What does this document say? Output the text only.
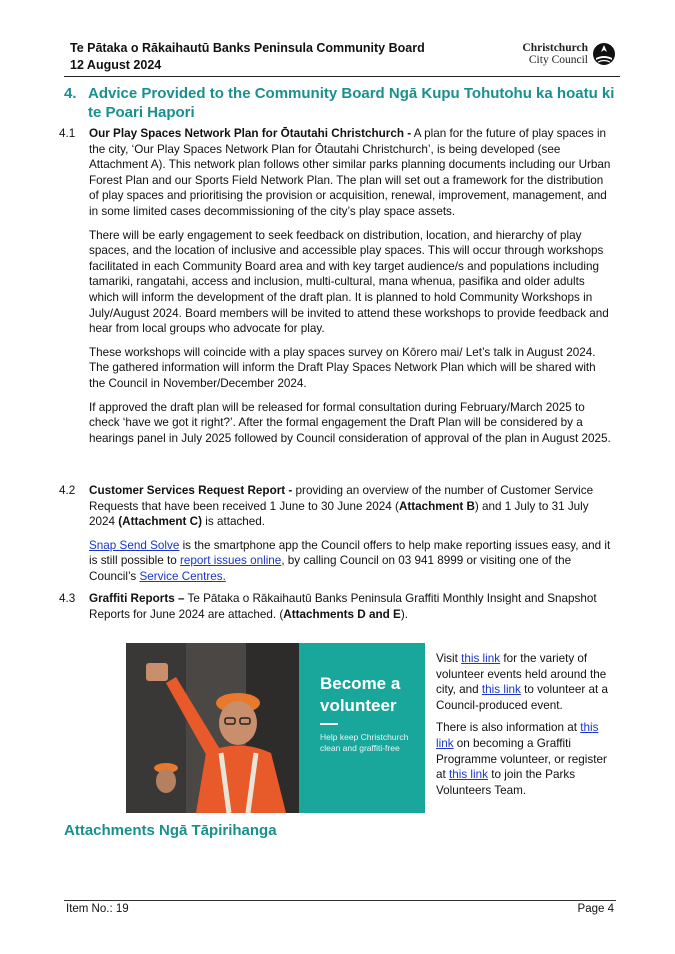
Te Pātaka o Rākaihautū Banks Peninsula Community Board
12 August 2024
Christchurch
City Council
4. Advice Provided to the Community Board Ngā Kupu Tohutohu ka hoatu ki te Poari Hapori
4.1 Our Play Spaces Network Plan for Ōtautahi Christchurch - A plan for the future of play spaces in the city, ‘Our Play Spaces Network Plan for Ōtautahi Christchurch’, is being developed (see Attachment A). This network plan follows other similar parks planning documents including our Urban Forest Plan and our Sports Field Network Plan. The plan will set out a framework for the distribution of play spaces and prioritising the provision or acquisition, renewal, improvement, management, and in some limited cases decommissioning of the city’s play space assets.

There will be early engagement to seek feedback on distribution, location, and hierarchy of play spaces, and the location of inclusive and accessible play spaces. This will occur through workshops facilitated in each Community Board area and with key target audience/s and populations including tamariki, rangatahi, access and inclusion, multi-cultural, mana whenua, pasifika and older adults which will inform the development of the draft plan. It is planned to hold Community Workshops in July/August 2024. Board members will be invited to attend these workshops to provide feedback and hear from local groups who advocate for play.

These workshops will coincide with a play spaces survey on Kōrero mai/ Let’s talk in August 2024. The gathered information will inform the Draft Play Spaces Network Plan which will be shared with the Council in November/December 2024.

If approved the draft plan will be released for formal consultation during February/March 2025 to check ‘have we got it right?’. After the formal engagement the Draft Plan will be considered by a hearings panel in July 2025 followed by Council consideration of approval of the plan in August 2025.

4.2 Customer Services Request Report - providing an overview of the number of Customer Service Requests that have been received 1 June to 30 June 2024 (Attachment B) and 1 July to 31 July 2024 (Attachment C) is attached.

Snap Send Solve is the smartphone app the Council offers to help make reporting issues easy, and it is still possible to report issues online, by calling Council on 03 941 8999 or visiting one of the Council’s Service Centres.

4.3 Graffiti Reports – Te Pātaka o Rākaihautū Banks Peninsula Graffiti Monthly Insight and Snapshot Reports for June 2024 are attached. (Attachments D and E).

Become a
volunteer
Help keep Christchurch clean and graffiti-free

Visit this link for the variety of volunteer events held around the city, and this link to volunteer at a Council-produced event.

There is also information at this link on becoming a Graffiti Programme volunteer, or register at this link to join the Parks Volunteers Team.

Attachments Ngā Tāpirihanga
Item No.: 19	Page 4
